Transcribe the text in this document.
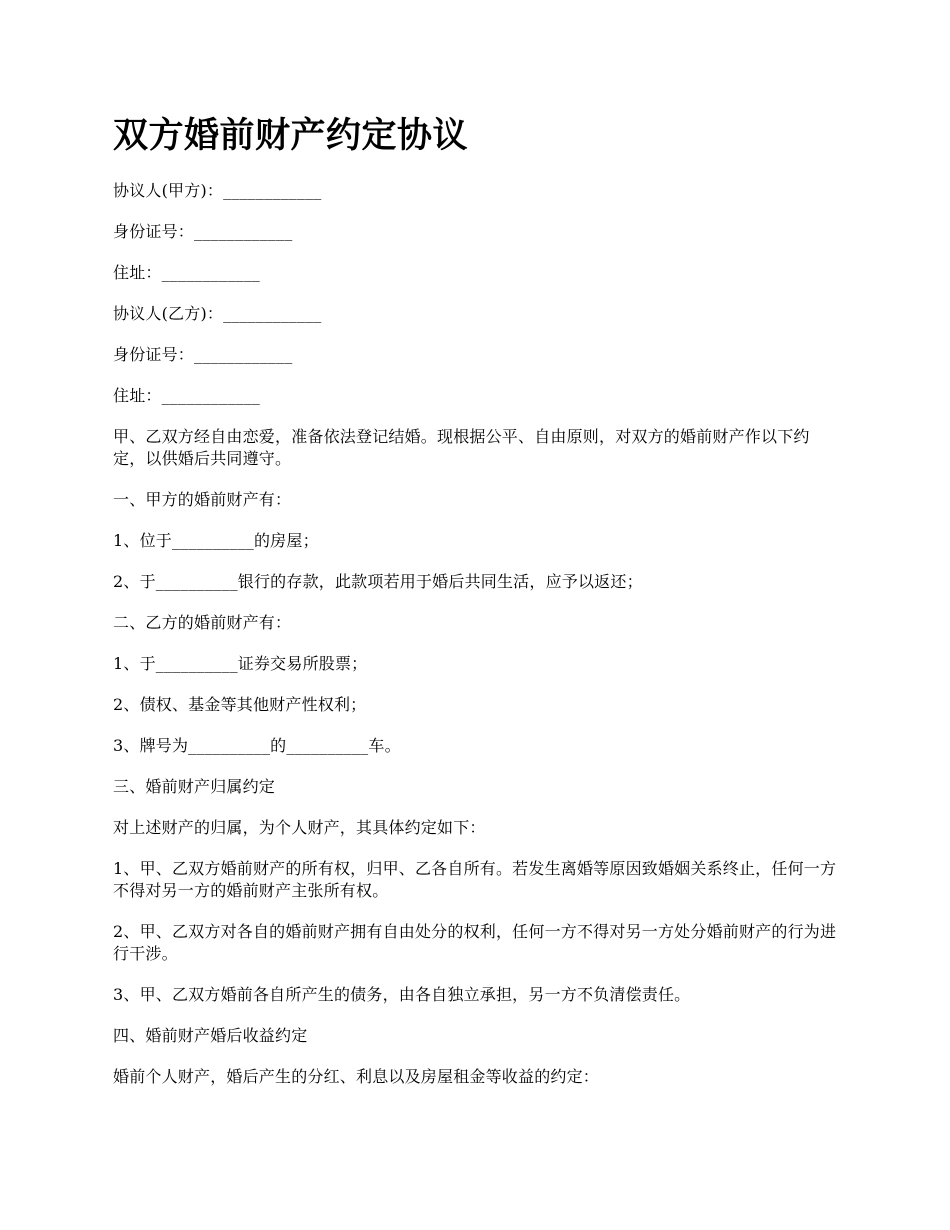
双方婚前财产约定协议

协议人(甲方)：____________

身份证号：____________

住址：____________

协议人(乙方)：____________

身份证号：____________

住址：____________

甲、乙双方经自由恋爱，准备依法登记结婚。现根据公平、自由原则，对双方的婚前财产作以下约定，以供婚后共同遵守。

一、甲方的婚前财产有：

1、位于__________的房屋；

2、于__________银行的存款，此款项若用于婚后共同生活，应予以返还；

二、乙方的婚前财产有：

1、于__________证券交易所股票；

2、债权、基金等其他财产性权利；

3、牌号为__________的__________车。

三、婚前财产归属约定

对上述财产的归属，为个人财产，其具体约定如下：

1、甲、乙双方婚前财产的所有权，归甲、乙各自所有。若发生离婚等原因致婚姻关系终止，任何一方不得对另一方的婚前财产主张所有权。

2、甲、乙双方对各自的婚前财产拥有自由处分的权利，任何一方不得对另一方处分婚前财产的行为进行干涉。

3、甲、乙双方婚前各自所产生的债务，由各自独立承担，另一方不负清偿责任。

四、婚前财产婚后收益约定

婚前个人财产，婚后产生的分红、利息以及房屋租金等收益的约定：
